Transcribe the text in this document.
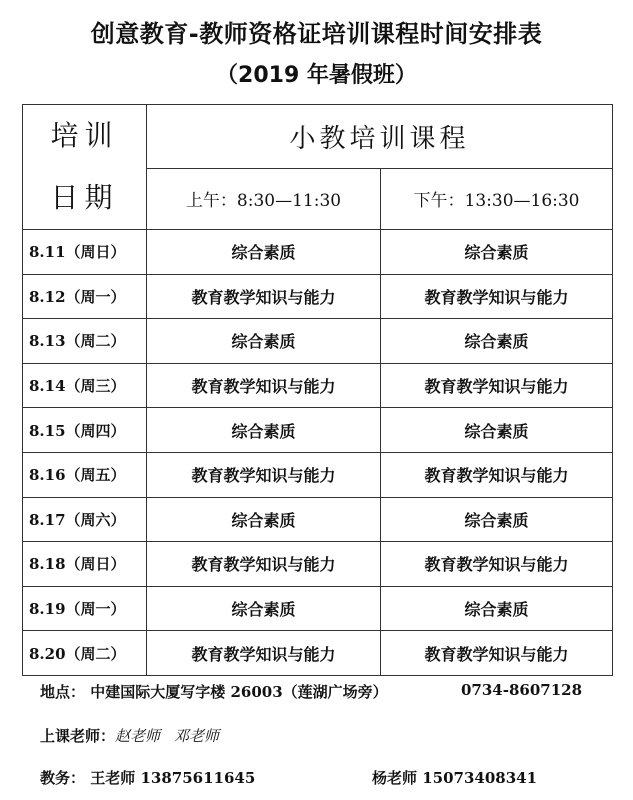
创意教育-教师资格证培训课程时间安排表
（2019 年暑假班）
培训
日期	小教培训课程	
	上午：8:30—11:30	下午：13:30—16:30
8.11（周日）	综合素质	综合素质
8.12（周一）	教育教学知识与能力	教育教学知识与能力
8.13（周二）	综合素质	综合素质
8.14（周三）	教育教学知识与能力	教育教学知识与能力
8.15（周四）	综合素质	综合素质
8.16（周五）	教育教学知识与能力	教育教学知识与能力
8.17（周六）	综合素质	综合素质
8.18（周日）	教育教学知识与能力	教育教学知识与能力
8.19（周一）	综合素质	综合素质
8.20（周二）	教育教学知识与能力	教育教学知识与能力
地点： 中建国际大厦写字楼 26003（莲湖广场旁）	0734-8607128
上课老师：赵老师 邓老师
教务： 王老师 13875611645	杨老师 15073408341
